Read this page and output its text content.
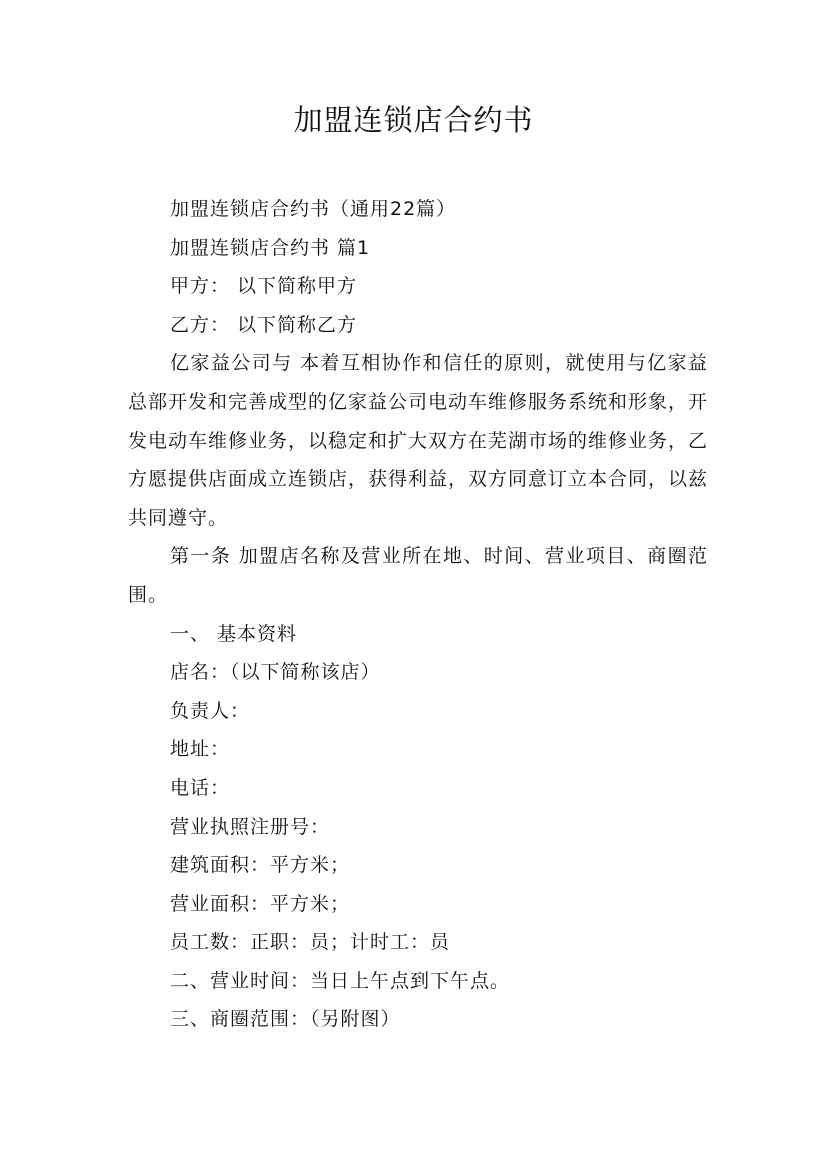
加盟连锁店合约书

加盟连锁店合约书（通用22篇）

加盟连锁店合约书 篇1

甲方： 以下简称甲方

乙方： 以下简称乙方

亿家益公司与 本着互相协作和信任的原则，就使用与亿家益总部开发和完善成型的亿家益公司电动车维修服务系统和形象，开发电动车维修业务，以稳定和扩大双方在芜湖市场的维修业务，乙方愿提供店面成立连锁店，获得利益，双方同意订立本合同，以兹共同遵守。

第一条 加盟店名称及营业所在地、时间、营业项目、商圈范围。

一、 基本资料

店名：（以下简称该店）

负责人：

地址：

电话：

营业执照注册号：

建筑面积：平方米；

营业面积：平方米；

员工数：正职：员；计时工：员

二、营业时间：当日上午点到下午点。

三、商圈范围：（另附图）
